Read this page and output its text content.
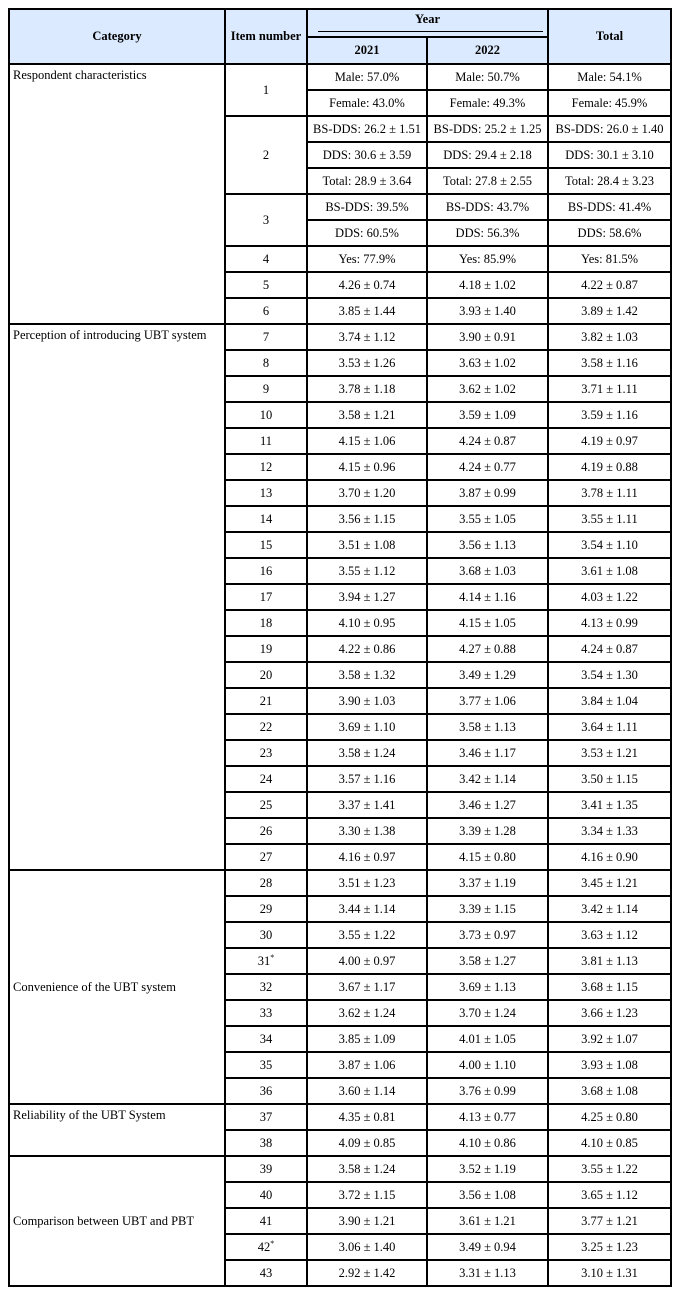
Category	Item number	Year		Total
		2021	2022	
Respondent characteristics	1	Male: 57.0%	Male: 50.7%	Male: 54.1%
		Female: 43.0%	Female: 49.3%	Female: 45.9%
	2	BS-DDS: 26.2 ± 1.51	BS-DDS: 25.2 ± 1.25	BS-DDS: 26.0 ± 1.40
		DDS: 30.6 ± 3.59	DDS: 29.4 ± 2.18	DDS: 30.1 ± 3.10
		Total: 28.9 ± 3.64	Total: 27.8 ± 2.55	Total: 28.4 ± 3.23
	3	BS-DDS: 39.5%	BS-DDS: 43.7%	BS-DDS: 41.4%
		DDS: 60.5%	DDS: 56.3%	DDS: 58.6%
	4	Yes: 77.9%	Yes: 85.9%	Yes: 81.5%
	5	4.26 ± 0.74	4.18 ± 1.02	4.22 ± 0.87
	6	3.85 ± 1.44	3.93 ± 1.40	3.89 ± 1.42
Perception of introducing UBT system	7	3.74 ± 1.12	3.90 ± 0.91	3.82 ± 1.03
	8	3.53 ± 1.26	3.63 ± 1.02	3.58 ± 1.16
	9	3.78 ± 1.18	3.62 ± 1.02	3.71 ± 1.11
	10	3.58 ± 1.21	3.59 ± 1.09	3.59 ± 1.16
	11	4.15 ± 1.06	4.24 ± 0.87	4.19 ± 0.97
	12	4.15 ± 0.96	4.24 ± 0.77	4.19 ± 0.88
	13	3.70 ± 1.20	3.87 ± 0.99	3.78 ± 1.11
	14	3.56 ± 1.15	3.55 ± 1.05	3.55 ± 1.11
	15	3.51 ± 1.08	3.56 ± 1.13	3.54 ± 1.10
	16	3.55 ± 1.12	3.68 ± 1.03	3.61 ± 1.08
	17	3.94 ± 1.27	4.14 ± 1.16	4.03 ± 1.22
	18	4.10 ± 0.95	4.15 ± 1.05	4.13 ± 0.99
	19	4.22 ± 0.86	4.27 ± 0.88	4.24 ± 0.87
	20	3.58 ± 1.32	3.49 ± 1.29	3.54 ± 1.30
	21	3.90 ± 1.03	3.77 ± 1.06	3.84 ± 1.04
	22	3.69 ± 1.10	3.58 ± 1.13	3.64 ± 1.11
	23	3.58 ± 1.24	3.46 ± 1.17	3.53 ± 1.21
	24	3.57 ± 1.16	3.42 ± 1.14	3.50 ± 1.15
	25	3.37 ± 1.41	3.46 ± 1.27	3.41 ± 1.35
	26	3.30 ± 1.38	3.39 ± 1.28	3.34 ± 1.33
	27	4.16 ± 0.97	4.15 ± 0.80	4.16 ± 0.90
Convenience of the UBT system	28	3.51 ± 1.23	3.37 ± 1.19	3.45 ± 1.21
	29	3.44 ± 1.14	3.39 ± 1.15	3.42 ± 1.14
	30	3.55 ± 1.22	3.73 ± 0.97	3.63 ± 1.12
	31*	4.00 ± 0.97	3.58 ± 1.27	3.81 ± 1.13
	32	3.67 ± 1.17	3.69 ± 1.13	3.68 ± 1.15
	33	3.62 ± 1.24	3.70 ± 1.24	3.66 ± 1.23
	34	3.85 ± 1.09	4.01 ± 1.05	3.92 ± 1.07
	35	3.87 ± 1.06	4.00 ± 1.10	3.93 ± 1.08
	36	3.60 ± 1.14	3.76 ± 0.99	3.68 ± 1.08
Reliability of the UBT System	37	4.35 ± 0.81	4.13 ± 0.77	4.25 ± 0.80
	38	4.09 ± 0.85	4.10 ± 0.86	4.10 ± 0.85
Comparison between UBT and PBT	39	3.58 ± 1.24	3.52 ± 1.19	3.55 ± 1.22
	40	3.72 ± 1.15	3.56 ± 1.08	3.65 ± 1.12
	41	3.90 ± 1.21	3.61 ± 1.21	3.77 ± 1.21
	42*	3.06 ± 1.40	3.49 ± 0.94	3.25 ± 1.23
	43	2.92 ± 1.42	3.31 ± 1.13	3.10 ± 1.31
